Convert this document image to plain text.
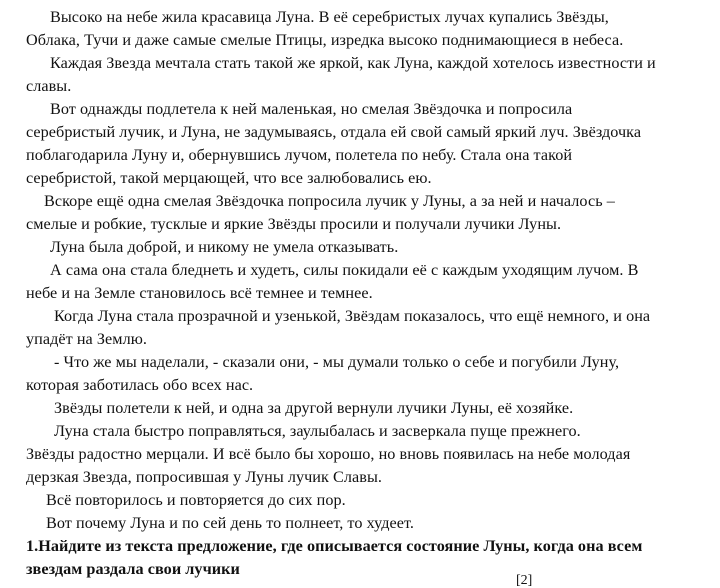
Высоко на небе жила красавица Луна. В её серебристых лучах купались Звёзды,
Облака, Тучи и даже самые смелые Птицы, изредка высоко поднимающиеся в небеса.
Каждая Звезда мечтала стать такой же яркой, как Луна, каждой хотелось известности и
славы.
Вот однажды подлетела к ней маленькая, но смелая Звёздочка и попросила
серебристый лучик, и Луна, не задумываясь, отдала ей свой самый яркий луч. Звёздочка
поблагодарила Луну и, обернувшись лучом, полетела по небу. Стала она такой
серебристой, такой мерцающей, что все залюбовались ею.
Вскоре ещё одна смелая Звёздочка попросила лучик у Луны, а за ней и началось –
смелые и робкие, тусклые и яркие Звёзды просили и получали лучики Луны.
Луна была доброй, и никому не умела отказывать.
А сама она стала бледнеть и худеть, силы покидали её с каждым уходящим лучом. В
небе и на Земле становилось всё темнее и темнее.
Когда Луна стала прозрачной и узенькой, Звёздам показалось, что ещё немного, и она
упадёт на Землю.
- Что же мы наделали, - сказали они, - мы думали только о себе и погубили Луну,
которая заботилась обо всех нас.
Звёзды полетели к ней, и одна за другой вернули лучики Луны, её хозяйке.
Луна стала быстро поправляться, заулыбалась и засверкала пуще прежнего.
Звёзды радостно мерцали. И всё было бы хорошо, но вновь появилась на небе молодая
дерзкая Звезда, попросившая у Луны лучик Славы.
Всё повторилось и повторяется до сих пор.
Вот почему Луна и по сей день то полнеет, то худеет.
1.Найдите из текста предложение, где описывается состояние Луны, когда она всем
звездам раздала свои лучики
[2]
